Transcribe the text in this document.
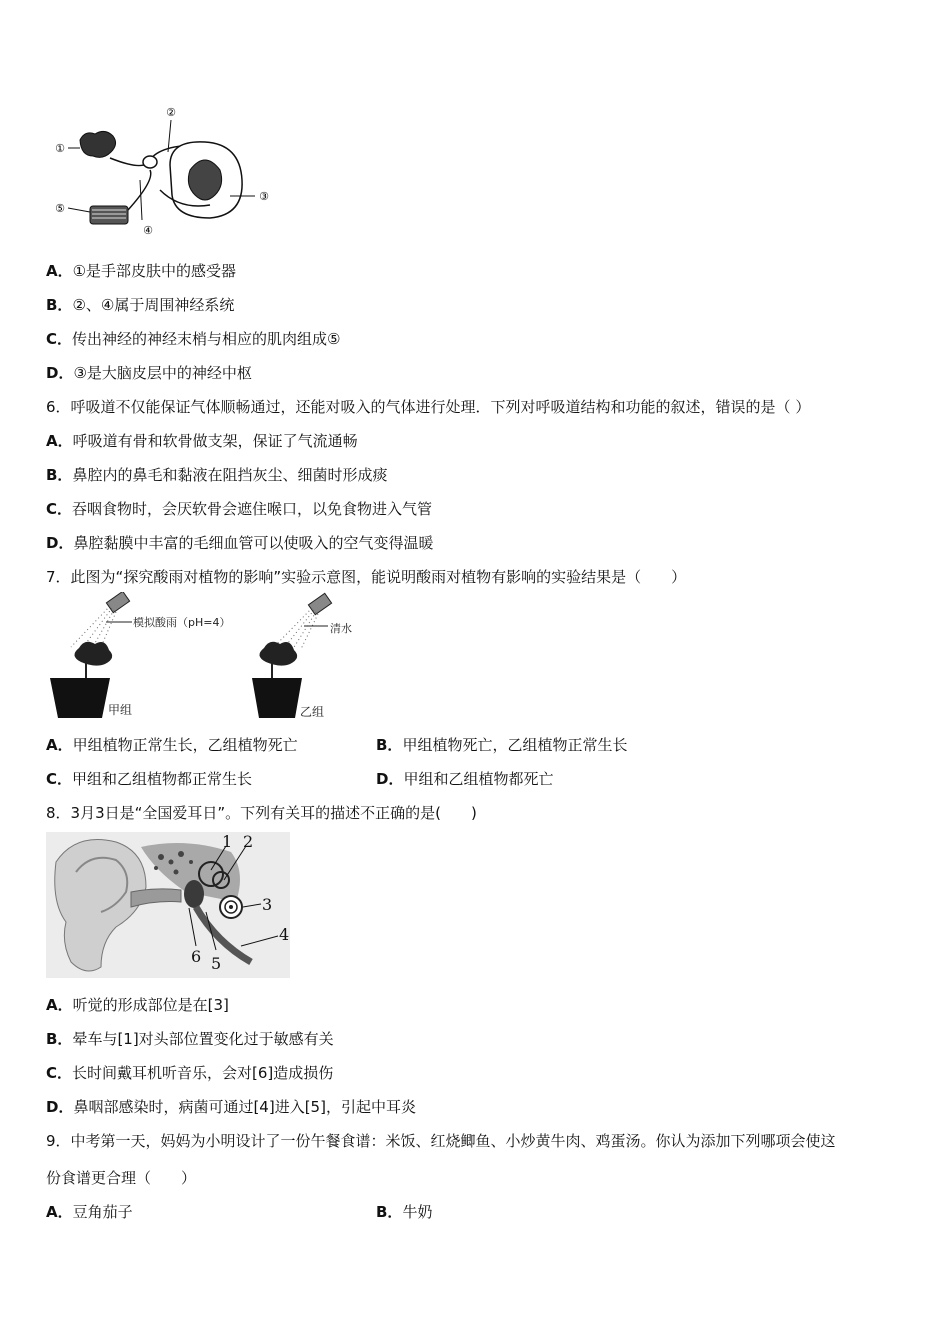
①
②
③
④
⑤
A．①是手部皮肤中的感受器
B．②、④属于周围神经系统
C．传出神经的神经末梢与相应的肌肉组成⑤
D．③是大脑皮层中的神经中枢
6．呼吸道不仅能保证气体顺畅通过，还能对吸入的气体进行处理．下列对呼吸道结构和功能的叙述，错误的是（ ）
A．呼吸道有骨和软骨做支架，保证了气流通畅
B．鼻腔内的鼻毛和黏液在阻挡灰尘、细菌时形成痰
C．吞咽食物时，会厌软骨会遮住喉口，以免食物进入气管
D．鼻腔黏膜中丰富的毛细血管可以使吸入的空气变得温暖
7．此图为“探究酸雨对植物的影响”实验示意图，能说明酸雨对植物有影响的实验结果是（　　）
模拟酸雨（pH=4）
甲组
清水
乙组
A．甲组植物正常生长，乙组植物死亡	B．甲组植物死亡，乙组植物正常生长
C．甲组和乙组植物都正常生长	D．甲组和乙组植物都死亡
8．3月3日是“全国爱耳日”。下列有关耳的描述不正确的是(　　)
1 2
3
4
5
6
A．听觉的形成部位是在[3]
B．晕车与[1]对头部位置变化过于敏感有关
C．长时间戴耳机听音乐，会对[6]造成损伤
D．鼻咽部感染时，病菌可通过[4]进入[5]，引起中耳炎
9．中考第一天，妈妈为小明设计了一份午餐食谱：米饭、红烧鲫鱼、小炒黄牛肉、鸡蛋汤。你认为添加下列哪项会使这
份食谱更合理（　　）
A．豆角茄子	B．牛奶
